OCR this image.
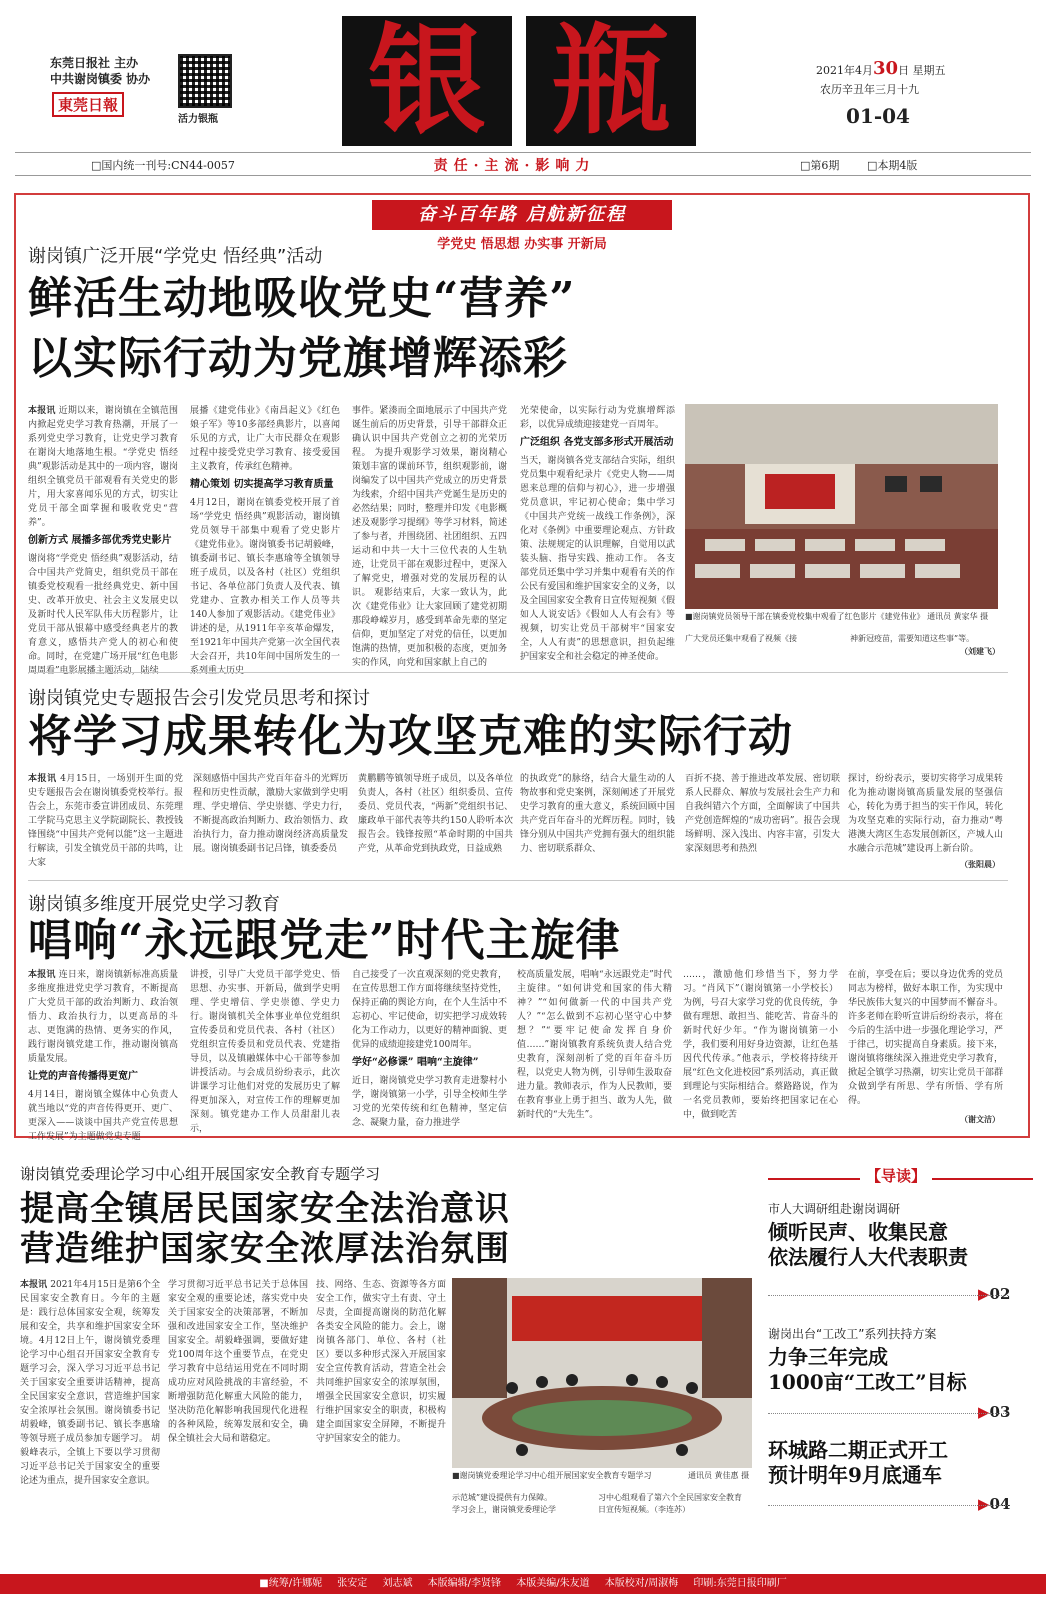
东莞日报社 主办
中共谢岗镇委 协办
東莞日報
活力银瓶 银 瓶
责任·主流·影响力
2021年4月30日 星期五
农历辛丑年三月十九
01-04
□国内统一刊号:CN44-0057	□第6期	□本期4版
奋斗百年路 启航新征程
学党史 悟思想 办实事 开新局
谢岗镇广泛开展“学党史 悟经典”活动
鲜活生动地吸收党史“营养”
以实际行动为党旗增辉添彩
本报讯 近期以来，谢岗镇在全镇范围内掀起党史学习教育热潮，开展了一系列党史学习教育，让党史学习教育在谢岗大地落地生根。“学党史 悟经典”观影活动是其中的一项内容，谢岗组织全镇党员干部观看有关党史的影片，用大家喜闻乐见的方式，切实让党员干部全面掌握和吸收党史“营养”。
创新方式 展播多部优秀党史影片
谢岗将“学党史 悟经典”观影活动，结合中国共产党简史，组织党员干部在镇委党校观看一批经典党史、新中国史、改革开放史、社会主义发展史以及新时代人民军队伟大历程影片，让党员干部从银幕中感受经典老片的教育意义，感悟共产党人的初心和使命。同时，在党建广场开展“红色电影周周看”电影展播主题活动，陆续
展播《建党伟业》《南昌起义》《红色娘子军》等10多部经典影片，以喜闻乐见的方式，让广大市民群众在观影过程中接受党史学习教育、接受爱国主义教育，传承红色精神。
精心策划 切实提高学习教育质量
4月12日，谢岗在镇委党校开展了首场“学党史 悟经典”观影活动，谢岗镇党员领导干部集中观看了党史影片《建党伟业》。谢岗镇委书记胡毅峰，镇委副书记、镇长李惠瑜等全镇领导班子成员，以及各村（社区）党组织书记、各单位部门负责人及代表、镇党建办、宣教办相关工作人员等共140人参加了观影活动。《建党伟业》讲述的是，从1911年辛亥革命爆发，至1921年中国共产党第一次全国代表大会召开，共10年间中国所发生的一系列重大历史
事件。紧湊而全面地展示了中国共产党诞生前后的历史背景，引导干部群众正确认识中国共产党创立之初的光荣历程。 为提升观影学习效果，谢岗精心策划丰富的课前环节，组织观影前，谢岗编发了以中国共产党成立的历史背景为线索，介绍中国共产党诞生是历史的必然结果；同时，整理并印发《电影概述及观影学习提纲》等学习材料，简述了参与者，并围绕团、社团组织、五四运动和中共一大十三位代表的人生轨迹，让党员干部在观影过程中，更深入了解党史，增强对党的发展历程的认识。 观影结束后，大家一致认为，此次《建党伟业》让大家回顾了建党初期那段峥嵘岁月，感受到革命先辈的坚定信仰，更加坚定了对党的信任，以更加饱满的热情，更加积极的态度，更加务实的作风，向党和国家献上自己的
光荣使命，以实际行动为党旗增辉添彩，以优异成绩迎接建党一百周年。
广泛组织 各党支部多形式开展活动
当天，谢岗镇各党支部结合实际，组织党员集中观看纪录片《党史人物——周恩来总理的信仰与初心》，进一步增强党员意识，牢记初心使命；集中学习《中国共产党统一战线工作条例》，深化对《条例》中重要理论观点、方针政策、法规规定的认识理解，自觉用以武装头脑、指导实践、推动工作。 各支部党员还集中学习并集中观看有关的作公民有爱国和维护国家安全的义务，以及全国国家安全教育日宣传短视频《假如人人说安话》《假如人人有会有》等视频，切实让党员干部树牢“国家安全，人人有责”的思想意识，担负起维护国家安全和社会稳定的神圣使命。
■谢岗镇党员领导干部在镇委党校集中观看了红色影片《建党伟业》 通讯员 黄家华 摄
广大党员还集中观看了视频《接	神新冠疫苗，需要知道这些事”等。
（刘建飞）
谢岗镇党史专题报告会引发党员思考和探讨
将学习成果转化为攻坚克难的实际行动
本报讯 4月15日，一场别开生面的党史专题报告会在谢岗镇委党校举行。报告会上，东莞市委宣讲团成员、东莞理工学院马克思主义学院副院长、教授钱锋围绕“中国共产党何以能”这一主题进行解读，引发全镇党员干部的共鸣，让大家
深刻感悟中国共产党百年奋斗的光辉历程和历史性贡献，激励大家做到学史明理、学史增信、学史崇德、学史力行，不断提高政治判断力、政治领悟力、政治执行力，奋力推动谢岗经济高质量发展。谢岗镇委副书记吕锋，镇委委员
黄鹏鹏等镇领导班子成员，以及各单位负责人，各村（社区）组织委员、宣传委员、党员代表，“两新”党组织书记、廉政单干部代表等共约150人聆听本次报告会。钱锋按照“革命时期的中国共产党，从革命党到执政党，日益成熟
的执政党”的脉络，结合大量生动的人物故事和党史案例，深刻阐述了开展党史学习教育的重大意义，系统回顾中国共产党百年奋斗的光辉历程。同时，钱锋分别从中国共产党拥有强大的组织能力、密切联系群众、
百折不挠、善于推进改革发展、密切联系人民群众、解放与发展社会生产力和自我纠错六个方面，全面解读了中国共产党创造辉煌的“成功密码”。报告会现场鲜明、深入浅出、内容丰富，引发大家深刻思考和热烈
探讨，纷纷表示，要切实将学习成果转化为推动谢岗镇高质量发展的坚强信心，转化为勇于担当的实干作风，转化为攻坚克难的实际行动，奋力推动“粤港澳大湾区生态发展创新区，产城人山水融合示范城”建设再上新台阶。
（张阳晨）
谢岗镇多维度开展党史学习教育
唱响“永远跟党走”时代主旋律
本报讯 连日来，谢岗镇新标准高质量多维度推进党史学习教育，不断提高广大党员干部的政治判断力、政治领悟力、政治执行力，以更高昂的斗志、更饱满的热情、更务实的作风，践行谢岗镇党建工作，推动谢岗镇高质量发展。
让党的声音传播得更宽广
4月14日，谢岗镇全媒体中心负责人就当地以“党的声音传得更开、更广、更深入——谈谈中国共产党宣传思想工作发展”为主题做党史专题
讲授，引导广大党员干部学党史、悟思想、办实事、开新局，做到学史明理、学史增信、学史崇德、学史力行。谢岗镇机关全体事业单位党组织宣传委员和党员代表、各村（社区）党组织宣传委员和党员代表、党建指导员，以及镇融媒体中心干部等参加讲授活动。与会成员纷纷表示，此次讲课学习让他们对党的发展历史了解得更加深入，对宣传工作的理解更加深刻。镇党建办工作人员甜甜儿表示，
自己接受了一次直观深刻的党史教育，在宣传思想工作方面将继续坚持党性，保持正确的舆论方向，在个人生活中不忘初心、牢记使命，切实把学习成效转化为工作动力，以更好的精神面貌、更优异的成绩迎接建党100周年。
学好“必修课” 唱响“主旋律”
近日，谢岗镇党史学习教育走进黎村小学，谢岗镇第一小学，引导全校师生学习党的光荣传统和红色精神，坚定信念、凝聚力量，奋力推进学
校高质量发展，唱响“永远跟党走”时代主旋律。“如何讲党和国家的伟大精神？”“如何做新一代的中国共产党人？”“怎么做到不忘初心坚守心中梦想？”“要牢记使命发挥自身价值……”谢岗镇教育系统负责人结合党史教育，深刻剖析了党的百年奋斗历程，以党史人物为例，引导师生汲取奋进力量。教师表示，作为人民教师，要在教育事业上勇于担当、敢为人先，做新时代的“大先生”。
……，激励他们珍惜当下，努力学习。“肖风下”（谢岗镇第一小学校长）为例，号召大家学习党的优良传统，争做有理想、敢担当、能吃苦、肯奋斗的新时代好少年。“作为谢岗镇第一小学，我们要利用好身边资源，让红色基因代代传承。”他表示，学校将持续开展“红色文化进校园”系列活动，真正做到理论与实际相结合。蔡路路说，作为一名党员教师，要始终把国家记在心中，做到吃苦
在前，享受在后；要以身边优秀的党员同志为榜样，做好本职工作，为实现中华民族伟大复兴的中国梦而不懈奋斗。许多老师在聆听宣讲后纷纷表示，将在今后的生活中进一步强化理论学习，严于律己，切实提高自身素质。接下来，谢岗镇将继续深入推进党史学习教育，掀起全镇学习热潮，切实让党员干部群众做到学有所思、学有所悟、学有所得。
（谢文洁）
谢岗镇党委理论学习中心组开展国家安全教育专题学习
提高全镇居民国家安全法治意识
营造维护国家安全浓厚法治氛围
本报讯 2021年4月15日是第6个全民国家安全教育日。今年的主题是：践行总体国家安全观，统筹发展和安全，共享和维护国家安全环境。4月12日上午，谢岗镇党委理论学习中心组召开国家安全教育专题学习会，深入学习习近平总书记关于国家安全重要讲话精神，提高全民国家安全意识，营造维护国家安全浓厚社会氛围。谢岗镇委书记胡毅峰，镇委副书记、镇长李惠瑜等领导班子成员参加专题学习。 胡毅峰表示，全镇上下要以学习贯彻习近平总书记关于国家安全的重要论述为重点，提升国家安全意识。
学习贯彻习近平总书记关于总体国家安全观的重要论述，落实党中央关于国家安全的决策部署，不断加强和改进国家安全工作，坚决维护国家安全。胡毅峰强调，要做好建党100周年这个重要节点，在党史学习教育中总结运用党在不同时期成功应对风险挑战的丰富经验，不断增强防范化解重大风险的能力，坚决防范化解影响我国现代化进程的各种风险，统筹发展和安全，确保全镇社会大局和谐稳定。
技、网络、生态、资源等各方面安全工作，做实守土有责、守土尽责，全面提高谢岗的防范化解各类安全风险的能力。会上，谢岗镇各部门、单位、各村（社区）要以多种形式深入开展国家安全宣传教育活动，营造全社会共同维护国家安全的浓厚氛围，增强全民国家安全意识，切实履行维护国家安全的职责，积极构建全面国家安全屏障，不断提升守护国家安全的能力。
■谢岗镇党委理论学习中心组开展国家安全教育专题学习	通讯员 黄佳惠 摄
示范城”建设提供有力保障。
学习会上，谢岗镇党委理论学
习中心组观看了第六个全民国家安全教育日宣传短视频。（李连苏）
【导读】
市人大调研组赴谢岗调研
倾听民声、收集民意
依法履行人大代表职责
▶02
谢岗出台“工改工”系列扶持方案
力争三年完成
1000亩“工改工”目标
▶03
环城路二期正式开工
预计明年9月底通车
▶04
■统筹/许娜妮 张安定 刘志斌 本版编辑/李贤锋 本版美编/朱友道 本版校对/周淑梅 印刷:东莞日报印刷厂
